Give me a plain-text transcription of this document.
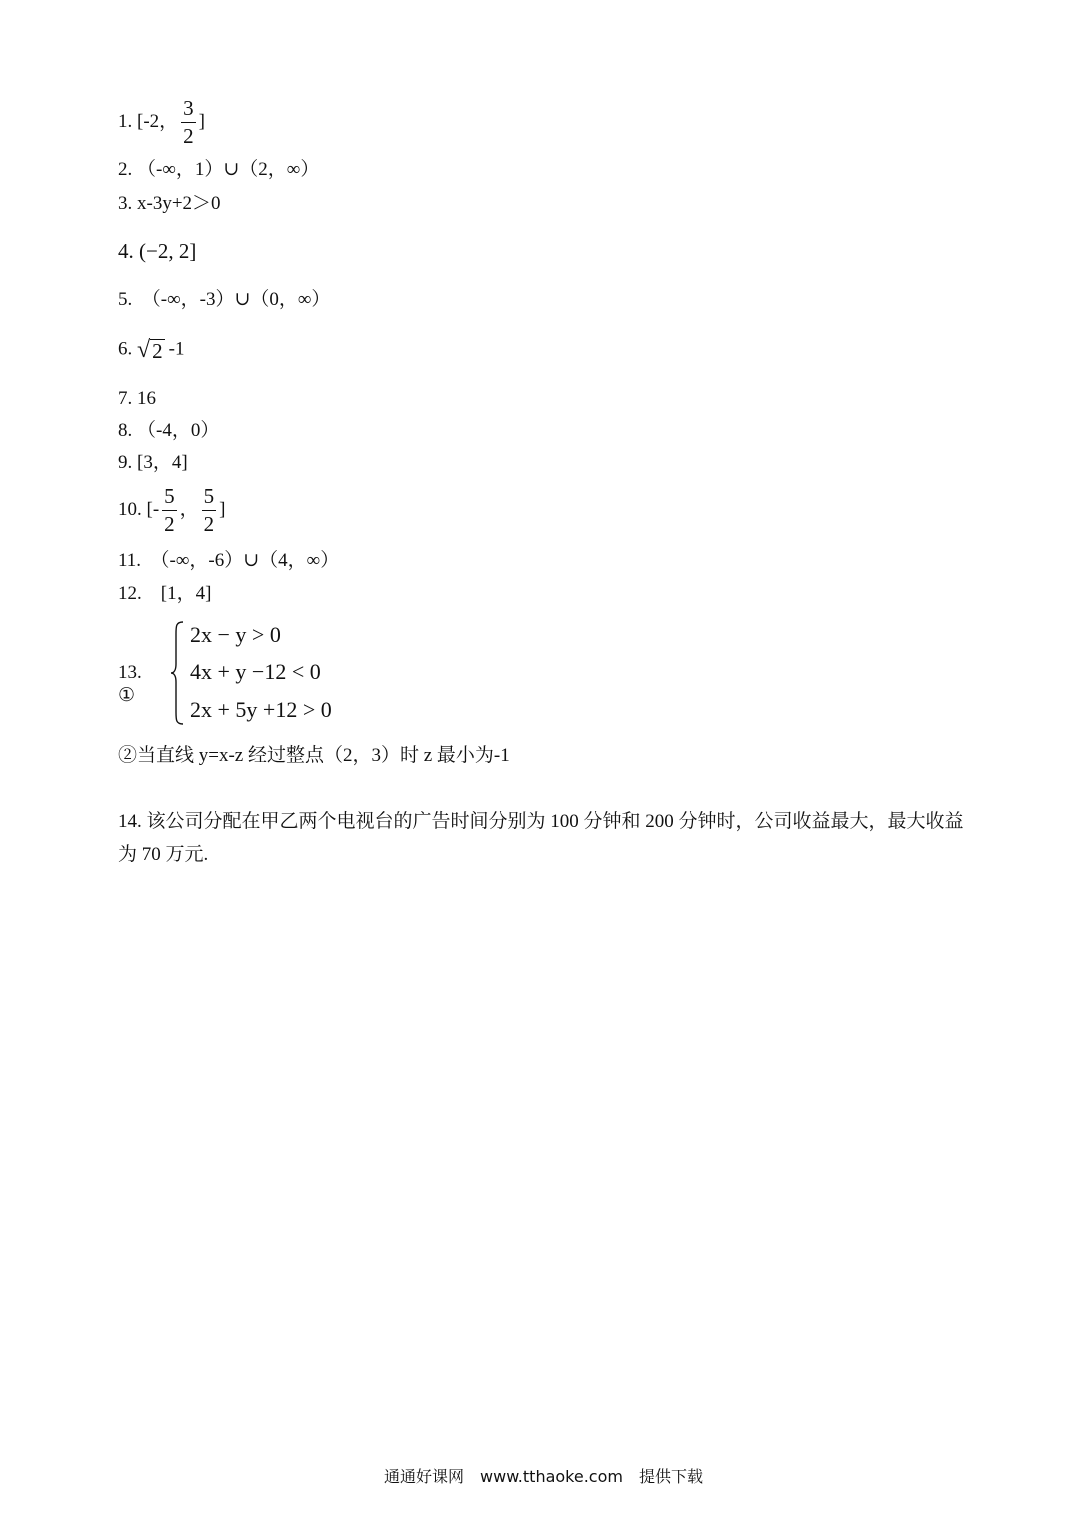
1. [-2， $\frac{3}{2}$ ]
2. （-∞，1）∪（2，∞）
3. x-3y+2＞0
4. (−2, 2]
5.　（-∞，-3）∪（0，∞）
6. √ 2 -1
7. 16
8. （-4，0）
9. [3，4]
10. [- $\frac{5}{2}$ ， $\frac{5}{2}$ ]
11.　（-∞，-6）∪（4，∞）
12.　[1，4]
13. ①
2x − y > 0
4x + y −12 < 0
2x + 5y +12 > 0
②当直线 y=x-z 经过整点（2，3）时 z 最小为-1
14. 该公司分配在甲乙两个电视台的广告时间分别为 100 分钟和 200 分钟时，公司收益最大，最大收益为 70 万元.
通通好课网　www.tthaoke.com　提供下载
